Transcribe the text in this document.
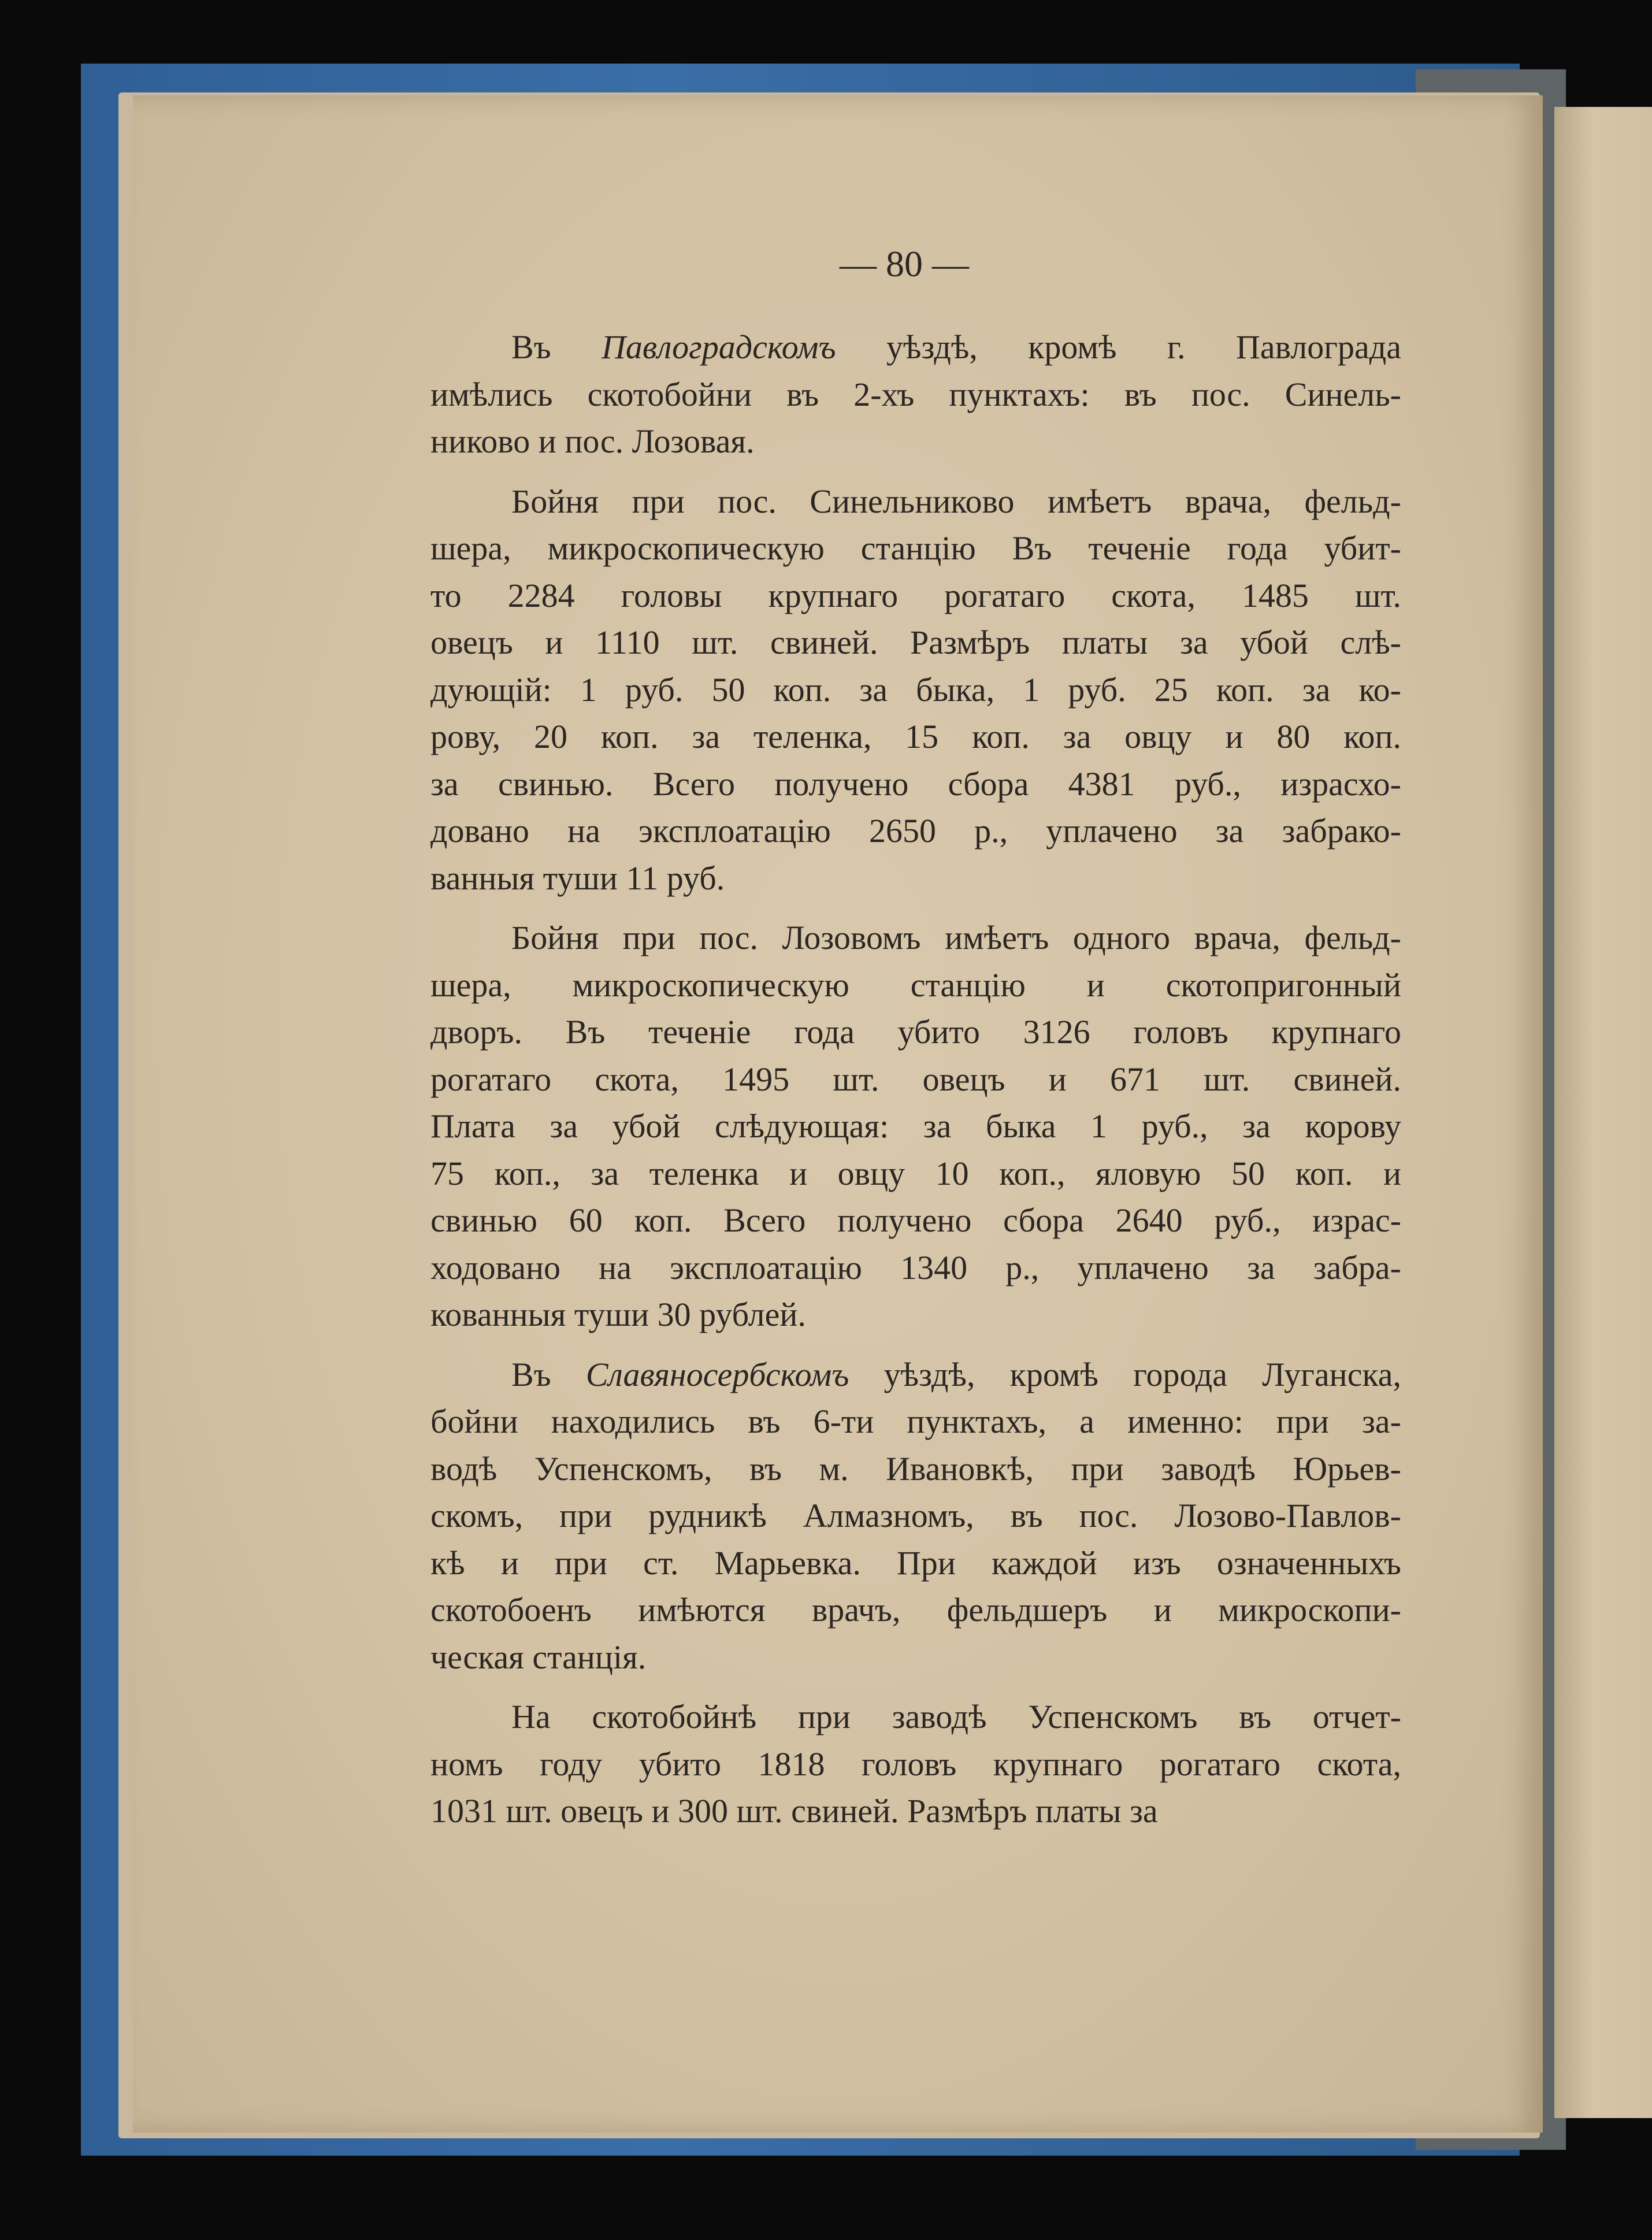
— 80 —
Въ Павлоградскомъ уѣздѣ, кромѣ г. Павлограда
имѣлись скотобойни въ 2-хъ пунктахъ: въ пос. Синель-
никово и пос. Лозовая.
Бойня при пос. Синельниково имѣетъ врача, фельд-
шера, микроскопическую станцію Въ теченіе года убит-
то 2284 головы крупнаго рогатаго скота, 1485 шт.
овецъ и 1110 шт. свиней. Размѣръ платы за убой слѣ-
дующій: 1 руб. 50 коп. за быка, 1 руб. 25 коп. за ко-
рову, 20 коп. за теленка, 15 коп. за овцу и 80 коп.
за свинью. Всего получено сбора 4381 руб., израсхо-
довано на эксплоатацію 2650 р., уплачено за забрако-
ванныя туши 11 руб.
Бойня при пос. Лозовомъ имѣетъ одного врача, фельд-
шера, микроскопическую станцію и скотопригонный
дворъ. Въ теченіе года убито 3126 головъ крупнаго
рогатаго скота, 1495 шт. овецъ и 671 шт. свиней.
Плата за убой слѣдующая: за быка 1 руб., за корову
75 коп., за теленка и овцу 10 коп., яловую 50 коп. и
свинью 60 коп. Всего получено сбора 2640 руб., израс-
ходовано на эксплоатацію 1340 р., уплачено за забра-
кованныя туши 30 рублей.
Въ Славяносербскомъ уѣздѣ, кромѣ города Луганска,
бойни находились въ 6-ти пунктахъ, а именно: при за-
водѣ Успенскомъ, въ м. Ивановкѣ, при заводѣ Юрьев-
скомъ, при рудникѣ Алмазномъ, въ пос. Лозово-Павлов-
кѣ и при ст. Марьевка. При каждой изъ означенныхъ
скотобоенъ имѣются врачъ, фельдшеръ и микроскопи-
ческая станція.
На скотобойнѣ при заводѣ Успенскомъ въ отчет-
номъ году убито 1818 головъ крупнаго рогатаго скота,
1031 шт. овецъ и 300 шт. свиней. Размѣръ платы за
